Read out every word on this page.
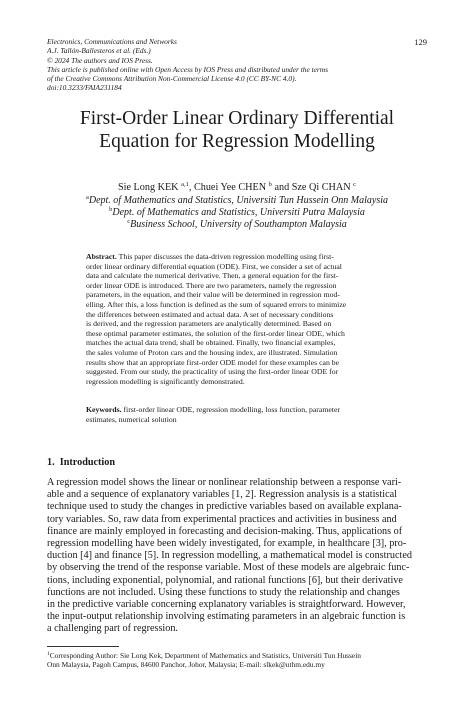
Electronics, Communications and Networks
A.J. Tallón-Ballesteros et al. (Eds.)
© 2024 The authors and IOS Press.
This article is published online with Open Access by IOS Press and distributed under the terms
of the Creative Commons Attribution Non-Commercial License 4.0 (CC BY-NC 4.0).
doi:10.3233/FAIA231184
129
First-Order Linear Ordinary Differential
Equation for Regression Modelling
Sie Long KEK $^{a,1}$, Chuei Yee CHEN $^b$ and Sze Qi CHAN $^c$
$^a$Dept. of Mathematics and Statistics, Universiti Tun Hussein Onn Malaysia
$^b$Dept. of Mathematics and Statistics, Universiti Putra Malaysia
$^c$Business School, University of Southampton Malaysia
Abstract. This paper discusses the data-driven regression modelling using first-
order linear ordinary differential equation (ODE). First, we consider a set of actual
data and calculate the numerical derivative. Then, a general equation for the first-
order linear ODE is introduced. There are two parameters, namely the regression
parameters, in the equation, and their value will be determined in regression mod-
elling. After this, a loss function is defined as the sum of squared errors to minimize
the differences between estimated and actual data. A set of necessary conditions
is derived, and the regression parameters are analytically determined. Based on
these optimal parameter estimates, the solution of the first-order linear ODE, which
matches the actual data trend, shall be obtained. Finally, two financial examples,
the sales volume of Proton cars and the housing index, are illustrated. Simulation
results show that an appropriate first-order ODE model for these examples can be
suggested. From our study, the practicality of using the first-order linear ODE for
regression modelling is significantly demonstrated.
Keywords. first-order linear ODE, regression modelling, loss function, parameter
estimates, numerical solution
1. Introduction
A regression model shows the linear or nonlinear relationship between a response vari-
able and a sequence of explanatory variables [1, 2]. Regression analysis is a statistical
technique used to study the changes in predictive variables based on available explana-
tory variables. So, raw data from experimental practices and activities in business and
finance are mainly employed in forecasting and decision-making. Thus, applications of
regression modelling have been widely investigated, for example, in healthcare [3], pro-
duction [4] and finance [5]. In regression modelling, a mathematical model is constructed
by observing the trend of the response variable. Most of these models are algebraic func-
tions, including exponential, polynomial, and rational functions [6], but their derivative
functions are not included. Using these functions to study the relationship and changes
in the predictive variable concerning explanatory variables is straightforward. However,
the input-output relationship involving estimating parameters in an algebraic function is
a challenging part of regression.
$^1$Corresponding Author: Sie Long Kek, Department of Mathematics and Statistics, Universiti Tun Hussein
Onn Malaysia, Pagoh Campus, 84600 Panchor, Johor, Malaysia; E-mail: slkek@uthm.edu.my
